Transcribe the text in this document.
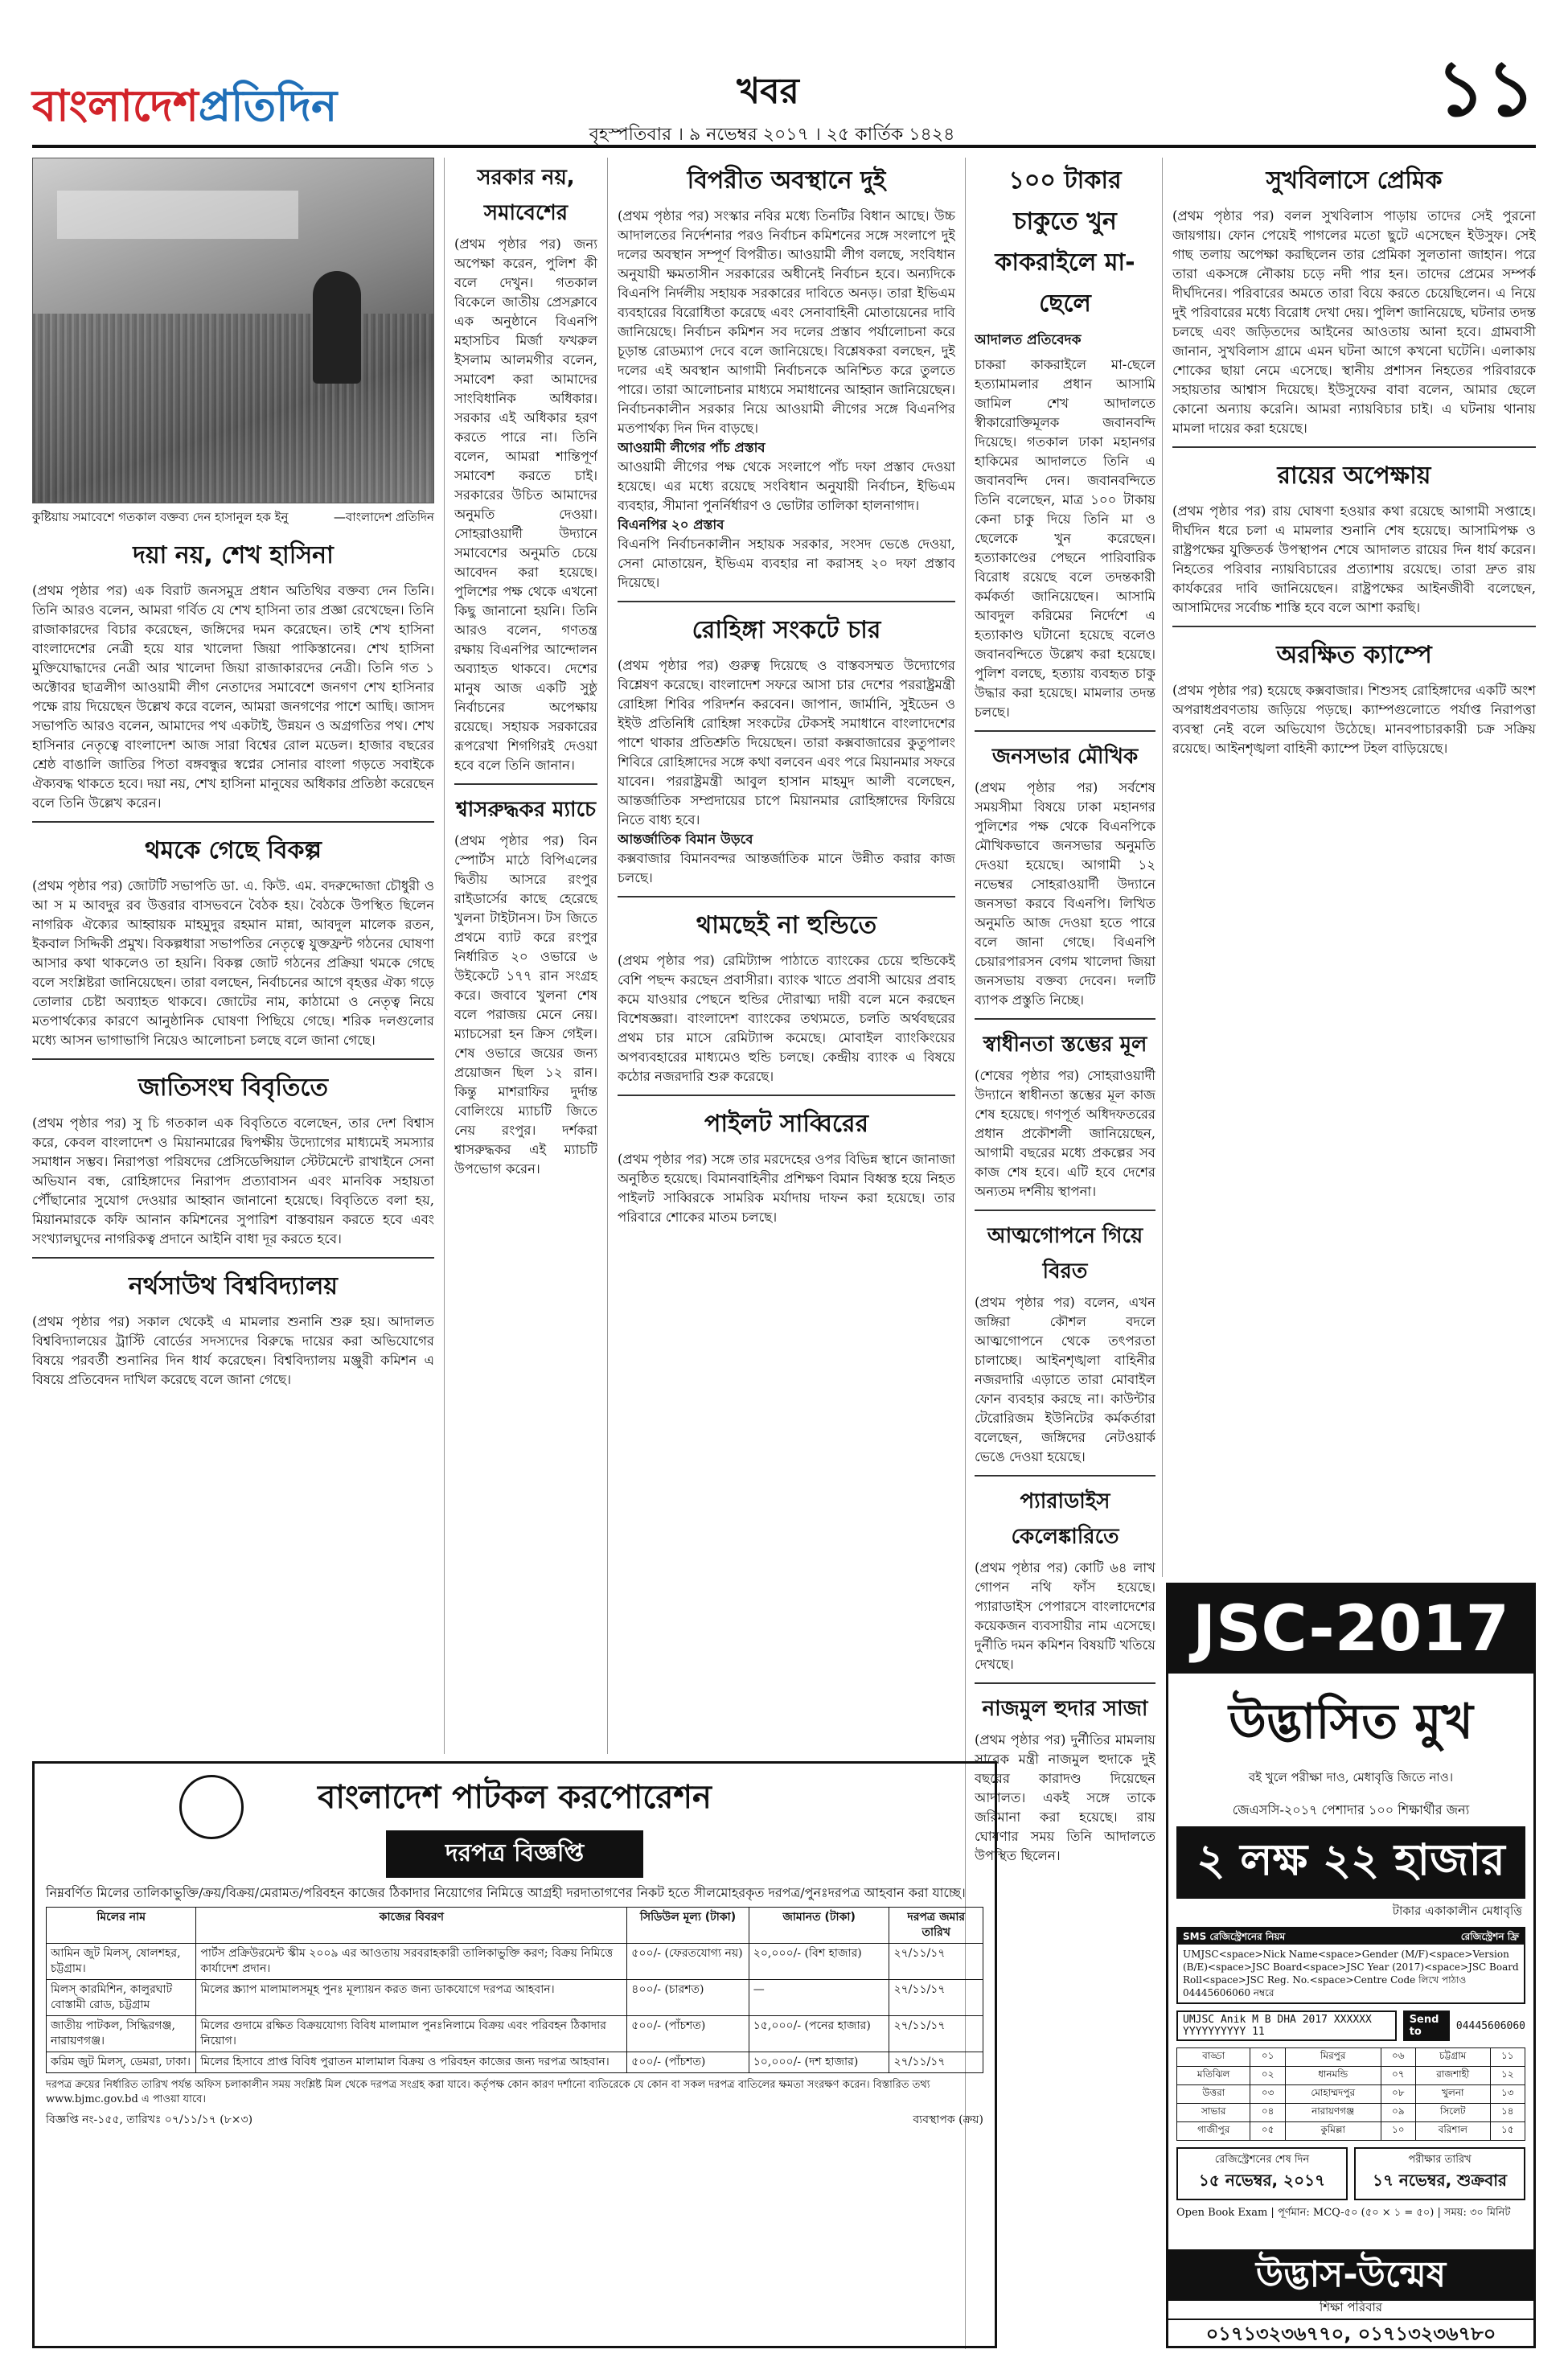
বাংলাদেশপ্রতিদিন	খবর
বৃহস্পতিবার । ৯ নভেম্বর ২০১৭ । ২৫ কার্তিক ১৪২৪
১১
কুষ্টিয়ায় সমাবেশে গতকাল বক্তব্য দেন হাসানুল হক ইনু	—বাংলাদেশ প্রতিদিন
দয়া নয়, শেখ হাসিনা

(প্রথম পৃষ্ঠার পর) এক বিরাট জনসমুদ্র প্রধান অতিথির বক্তব্য দেন তিনি। তিনি আরও বলেন, আমরা গর্বিত যে শেখ হাসিনা তার প্রজ্ঞা রেখেছেন। তিনি রাজাকারদের বিচার করেছেন, জঙ্গিদের দমন করেছেন। তাই শেখ হাসিনা বাংলাদেশের নেত্রী হয়ে যার খালেদা জিয়া পাকিস্তানের। শেখ হাসিনা মুক্তিযোদ্ধাদের নেত্রী আর খালেদা জিয়া রাজাকারদের নেত্রী। তিনি গত ১ অক্টোবর ছাত্রলীগ আওয়ামী লীগ নেতাদের সমাবেশে জনগণ শেখ হাসিনার পক্ষে রায় দিয়েছেন উল্লেখ করে বলেন, আমরা জনগণের পাশে আছি। জাসদ সভাপতি আরও বলেন, আমাদের পথ একটাই, উন্নয়ন ও অগ্রগতির পথ। শেখ হাসিনার নেতৃত্বে বাংলাদেশ আজ সারা বিশ্বের রোল মডেল। হাজার বছরের শ্রেষ্ঠ বাঙালি জাতির পিতা বঙ্গবন্ধুর স্বপ্নের সোনার বাংলা গড়তে সবাইকে ঐক্যবদ্ধ থাকতে হবে। দয়া নয়, শেখ হাসিনা মানুষের অধিকার প্রতিষ্ঠা করেছেন বলে তিনি উল্লেখ করেন।

থমকে গেছে বিকল্প

(প্রথম পৃষ্ঠার পর) জোটটি সভাপতি ডা. এ. কিউ. এম. বদরুদ্দোজা চৌধুরী ও আ স ম আবদুর রব উত্তরার বাসভবনে বৈঠক হয়। বৈঠকে উপস্থিত ছিলেন নাগরিক ঐক্যের আহ্বায়ক মাহমুদুর রহমান মান্না, আবদুল মালেক রতন, ইকবাল সিদ্দিকী প্রমুখ। বিকল্পধারা সভাপতির নেতৃত্বে যুক্তফ্রন্ট গঠনের ঘোষণা আসার কথা থাকলেও তা হয়নি। বিকল্প জোট গঠনের প্রক্রিয়া থমকে গেছে বলে সংশ্লিষ্টরা জানিয়েছেন। তারা বলছেন, নির্বাচনের আগে বৃহত্তর ঐক্য গড়ে তোলার চেষ্টা অব্যাহত থাকবে। জোটের নাম, কাঠামো ও নেতৃত্ব নিয়ে মতপার্থক্যের কারণে আনুষ্ঠানিক ঘোষণা পিছিয়ে গেছে। শরিক দলগুলোর মধ্যে আসন ভাগাভাগি নিয়েও আলোচনা চলছে বলে জানা গেছে।

জাতিসংঘ বিবৃতিতে

(প্রথম পৃষ্ঠার পর) সু চি গতকাল এক বিবৃতিতে বলেছেন, তার দেশ বিশ্বাস করে, কেবল বাংলাদেশ ও মিয়ানমারের দ্বিপক্ষীয় উদ্যোগের মাধ্যমেই সমস্যার সমাধান সম্ভব। নিরাপত্তা পরিষদের প্রেসিডেন্সিয়াল স্টেটমেন্টে রাখাইনে সেনা অভিযান বন্ধ, রোহিঙ্গাদের নিরাপদ প্রত্যাবাসন এবং মানবিক সহায়তা পৌঁছানোর সুযোগ দেওয়ার আহ্বান জানানো হয়েছে। বিবৃতিতে বলা হয়, মিয়ানমারকে কফি আনান কমিশনের সুপারিশ বাস্তবায়ন করতে হবে এবং সংখ্যালঘুদের নাগরিকত্ব প্রদানে আইনি বাধা দূর করতে হবে।

নর্থসাউথ বিশ্ববিদ্যালয়

(প্রথম পৃষ্ঠার পর) সকাল থেকেই এ মামলার শুনানি শুরু হয়। আদালত বিশ্ববিদ্যালয়ের ট্রাস্টি বোর্ডের সদস্যদের বিরুদ্ধে দায়ের করা অভিযোগের বিষয়ে পরবর্তী শুনানির দিন ধার্য করেছেন। বিশ্ববিদ্যালয় মঞ্জুরী কমিশন এ বিষয়ে প্রতিবেদন দাখিল করেছে বলে জানা গেছে।

সরকার নয়, সমাবেশের

(প্রথম পৃষ্ঠার পর) জন্য অপেক্ষা করেন, পুলিশ কী বলে দেখুন। গতকাল বিকেলে জাতীয় প্রেসক্লাবে এক অনুষ্ঠানে বিএনপি মহাসচিব মির্জা ফখরুল ইসলাম আলমগীর বলেন, সমাবেশ করা আমাদের সাংবিধানিক অধিকার। সরকার এই অধিকার হরণ করতে পারে না। তিনি বলেন, আমরা শান্তিপূর্ণ সমাবেশ করতে চাই। সরকারের উচিত আমাদের অনুমতি দেওয়া। সোহরাওয়ার্দী উদ্যানে সমাবেশের অনুমতি চেয়ে আবেদন করা হয়েছে। পুলিশের পক্ষ থেকে এখনো কিছু জানানো হয়নি। তিনি আরও বলেন, গণতন্ত্র রক্ষায় বিএনপির আন্দোলন অব্যাহত থাকবে। দেশের মানুষ আজ একটি সুষ্ঠু নির্বাচনের অপেক্ষায় রয়েছে। সহায়ক সরকারের রূপরেখা শিগগিরই দেওয়া হবে বলে তিনি জানান।

শ্বাসরুদ্ধকর ম্যাচে

(প্রথম পৃষ্ঠার পর) বিন স্পোর্টস মাঠে বিপিএলের দ্বিতীয় আসরে রংপুর রাইডার্সের কাছে হেরেছে খুলনা টাইটানস। টস জিতে প্রথমে ব্যাট করে রংপুর নির্ধারিত ২০ ওভারে ৬ উইকেটে ১৭৭ রান সংগ্রহ করে। জবাবে খুলনা শেষ বলে পরাজয় মেনে নেয়। ম্যাচসেরা হন ক্রিস গেইল। শেষ ওভারে জয়ের জন্য প্রয়োজন ছিল ১২ রান। কিন্তু মাশরাফির দুর্দান্ত বোলিংয়ে ম্যাচটি জিতে নেয় রংপুর। দর্শকরা শ্বাসরুদ্ধকর এই ম্যাচটি উপভোগ করেন।

বিপরীত অবস্থানে দুই

(প্রথম পৃষ্ঠার পর) সংস্কার নবির মধ্যে তিনটির বিধান আছে। উচ্চ আদালতের নির্দেশনার পরও নির্বাচন কমিশনের সঙ্গে সংলাপে দুই দলের অবস্থান সম্পূর্ণ বিপরীত। আওয়ামী লীগ বলছে, সংবিধান অনুযায়ী ক্ষমতাসীন সরকারের অধীনেই নির্বাচন হবে। অন্যদিকে বিএনপি নির্দলীয় সহায়ক সরকারের দাবিতে অনড়। তারা ইভিএম ব্যবহারের বিরোধিতা করেছে এবং সেনাবাহিনী মোতায়েনের দাবি জানিয়েছে। নির্বাচন কমিশন সব দলের প্রস্তাব পর্যালোচনা করে চূড়ান্ত রোডম্যাপ দেবে বলে জানিয়েছে। বিশ্লেষকরা বলছেন, দুই দলের এই অবস্থান আগামী নির্বাচনকে অনিশ্চিত করে তুলতে পারে। তারা আলোচনার মাধ্যমে সমাধানের আহ্বান জানিয়েছেন। নির্বাচনকালীন সরকার নিয়ে আওয়ামী লীগের সঙ্গে বিএনপির মতপার্থক্য দিন দিন বাড়ছে।

আওয়ামী লীগের পাঁচ প্রস্তাব

আওয়ামী লীগের পক্ষ থেকে সংলাপে পাঁচ দফা প্রস্তাব দেওয়া হয়েছে। এর মধ্যে রয়েছে সংবিধান অনুযায়ী নির্বাচন, ইভিএম ব্যবহার, সীমানা পুনর্নির্ধারণ ও ভোটার তালিকা হালনাগাদ।

বিএনপির ২০ প্রস্তাব

বিএনপি নির্বাচনকালীন সহায়ক সরকার, সংসদ ভেঙে দেওয়া, সেনা মোতায়েন, ইভিএম ব্যবহার না করাসহ ২০ দফা প্রস্তাব দিয়েছে।

রোহিঙ্গা সংকটে চার

(প্রথম পৃষ্ঠার পর) গুরুত্ব দিয়েছে ও বাস্তবসম্মত উদ্যোগের বিশ্লেষণ করেছে। বাংলাদেশ সফরে আসা চার দেশের পররাষ্ট্রমন্ত্রী রোহিঙ্গা শিবির পরিদর্শন করবেন। জাপান, জার্মানি, সুইডেন ও ইইউ প্রতিনিধি রোহিঙ্গা সংকটের টেকসই সমাধানে বাংলাদেশের পাশে থাকার প্রতিশ্রুতি দিয়েছেন। তারা কক্সবাজারের কুতুপালং শিবিরে রোহিঙ্গাদের সঙ্গে কথা বলবেন এবং পরে মিয়ানমার সফরে যাবেন। পররাষ্ট্রমন্ত্রী আবুল হাসান মাহমুদ আলী বলেছেন, আন্তর্জাতিক সম্প্রদায়ের চাপে মিয়ানমার রোহিঙ্গাদের ফিরিয়ে নিতে বাধ্য হবে।

আন্তর্জাতিক বিমান উড়বে

কক্সবাজার বিমানবন্দর আন্তর্জাতিক মানে উন্নীত করার কাজ চলছে।

থামছেই না হুন্ডিতে

(প্রথম পৃষ্ঠার পর) রেমিট্যান্স পাঠাতে ব্যাংকের চেয়ে হুন্ডিকেই বেশি পছন্দ করছেন প্রবাসীরা। ব্যাংক খাতে প্রবাসী আয়ের প্রবাহ কমে যাওয়ার পেছনে হুন্ডির দৌরাত্ম্য দায়ী বলে মনে করছেন বিশেষজ্ঞরা। বাংলাদেশ ব্যাংকের তথ্যমতে, চলতি অর্থবছরের প্রথম চার মাসে রেমিট্যান্স কমেছে। মোবাইল ব্যাংকিংয়ের অপব্যবহারের মাধ্যমেও হুন্ডি চলছে। কেন্দ্রীয় ব্যাংক এ বিষয়ে কঠোর নজরদারি শুরু করেছে।

পাইলট সাব্বিরের

(প্রথম পৃষ্ঠার পর) সঙ্গে তার মরদেহের ওপর বিভিন্ন স্থানে জানাজা অনুষ্ঠিত হয়েছে। বিমানবাহিনীর প্রশিক্ষণ বিমান বিধ্বস্ত হয়ে নিহত পাইলট সাব্বিরকে সামরিক মর্যাদায় দাফন করা হয়েছে। তার পরিবারে শোকের মাতম চলছে।

১০০ টাকার চাকুতে খুন কাকরাইলে মা-ছেলে
আদালত প্রতিবেদক

চাকরা কাকরাইলে মা-ছেলে হত্যামামলার প্রধান আসামি জামিল শেখ আদালতে স্বীকারোক্তিমূলক জবানবন্দি দিয়েছে। গতকাল ঢাকা মহানগর হাকিমের আদালতে তিনি এ জবানবন্দি দেন। জবানবন্দিতে তিনি বলেছেন, মাত্র ১০০ টাকায় কেনা চাকু দিয়ে তিনি মা ও ছেলেকে খুন করেছেন। হত্যাকাণ্ডের পেছনে পারিবারিক বিরোধ রয়েছে বলে তদন্তকারী কর্মকর্তা জানিয়েছেন। আসামি আবদুল করিমের নির্দেশে এ হত্যাকাণ্ড ঘটানো হয়েছে বলেও জবানবন্দিতে উল্লেখ করা হয়েছে। পুলিশ বলছে, হত্যায় ব্যবহৃত চাকু উদ্ধার করা হয়েছে। মামলার তদন্ত চলছে।

জনসভার মৌখিক

(প্রথম পৃষ্ঠার পর) সর্বশেষ সময়সীমা বিষয়ে ঢাকা মহানগর পুলিশের পক্ষ থেকে বিএনপিকে মৌখিকভাবে জনসভার অনুমতি দেওয়া হয়েছে। আগামী ১২ নভেম্বর সোহরাওয়ার্দী উদ্যানে জনসভা করবে বিএনপি। লিখিত অনুমতি আজ দেওয়া হতে পারে বলে জানা গেছে। বিএনপি চেয়ারপারসন বেগম খালেদা জিয়া জনসভায় বক্তব্য দেবেন। দলটি ব্যাপক প্রস্তুতি নিচ্ছে।

স্বাধীনতা স্তম্ভের মূল

(শেষের পৃষ্ঠার পর) সোহরাওয়ার্দী উদ্যানে স্বাধীনতা স্তম্ভের মূল কাজ শেষ হয়েছে। গণপূর্ত অধিদফতরের প্রধান প্রকৌশলী জানিয়েছেন, আগামী বছরের মধ্যে প্রকল্পের সব কাজ শেষ হবে। এটি হবে দেশের অন্যতম দর্শনীয় স্থাপনা।

আত্মগোপনে গিয়ে বিরত

(প্রথম পৃষ্ঠার পর) বলেন, এখন জঙ্গিরা কৌশল বদলে আত্মগোপনে থেকে তৎপরতা চালাচ্ছে। আইনশৃঙ্খলা বাহিনীর নজরদারি এড়াতে তারা মোবাইল ফোন ব্যবহার করছে না। কাউন্টার টেরোরিজম ইউনিটের কর্মকর্তারা বলেছেন, জঙ্গিদের নেটওয়ার্ক ভেঙে দেওয়া হয়েছে।

প্যারাডাইস কেলেঙ্কারিতে

(প্রথম পৃষ্ঠার পর) কোটি ৬৪ লাখ গোপন নথি ফাঁস হয়েছে। প্যারাডাইস পেপারসে বাংলাদেশের কয়েকজন ব্যবসায়ীর নাম এসেছে। দুর্নীতি দমন কমিশন বিষয়টি খতিয়ে দেখছে।

নাজমুল হুদার সাজা

(প্রথম পৃষ্ঠার পর) দুর্নীতির মামলায় সাবেক মন্ত্রী নাজমুল হুদাকে দুই বছরের কারাদণ্ড দিয়েছেন আদালত। একই সঙ্গে তাকে জরিমানা করা হয়েছে। রায় ঘোষণার সময় তিনি আদালতে উপস্থিত ছিলেন।

সুখবিলাসে প্রেমিক

(প্রথম পৃষ্ঠার পর) বলল সুখবিলাস পাড়ায় তাদের সেই পুরনো জায়গায়। ফোন পেয়েই পাগলের মতো ছুটে এসেছেন ইউসুফ। সেই গাছ তলায় অপেক্ষা করছিলেন তার প্রেমিকা সুলতানা জাহান। পরে তারা একসঙ্গে নৌকায় চড়ে নদী পার হন। তাদের প্রেমের সম্পর্ক দীর্ঘদিনের। পরিবারের অমতে তারা বিয়ে করতে চেয়েছিলেন। এ নিয়ে দুই পরিবারের মধ্যে বিরোধ দেখা দেয়। পুলিশ জানিয়েছে, ঘটনার তদন্ত চলছে এবং জড়িতদের আইনের আওতায় আনা হবে। গ্রামবাসী জানান, সুখবিলাস গ্রামে এমন ঘটনা আগে কখনো ঘটেনি। এলাকায় শোকের ছায়া নেমে এসেছে। স্থানীয় প্রশাসন নিহতের পরিবারকে সহায়তার আশ্বাস দিয়েছে। ইউসুফের বাবা বলেন, আমার ছেলে কোনো অন্যায় করেনি। আমরা ন্যায়বিচার চাই। এ ঘটনায় থানায় মামলা দায়ের করা হয়েছে।

রায়ের অপেক্ষায়

(প্রথম পৃষ্ঠার পর) রায় ঘোষণা হওয়ার কথা রয়েছে আগামী সপ্তাহে। দীর্ঘদিন ধরে চলা এ মামলার শুনানি শেষ হয়েছে। আসামিপক্ষ ও রাষ্ট্রপক্ষের যুক্তিতর্ক উপস্থাপন শেষে আদালত রায়ের দিন ধার্য করেন। নিহতের পরিবার ন্যায়বিচারের প্রত্যাশায় রয়েছে। তারা দ্রুত রায় কার্যকরের দাবি জানিয়েছেন। রাষ্ট্রপক্ষের আইনজীবী বলেছেন, আসামিদের সর্বোচ্চ শাস্তি হবে বলে আশা করছি।

অরক্ষিত ক্যাম্পে

(প্রথম পৃষ্ঠার পর) হয়েছে কক্সবাজার। শিশুসহ রোহিঙ্গাদের একটি অংশ অপরাধপ্রবণতায় জড়িয়ে পড়ছে। ক্যাম্পগুলোতে পর্যাপ্ত নিরাপত্তা ব্যবস্থা নেই বলে অভিযোগ উঠেছে। মানবপাচারকারী চক্র সক্রিয় রয়েছে। আইনশৃঙ্খলা বাহিনী ক্যাম্পে টহল বাড়িয়েছে।

বাংলাদেশ পাটকল করপোরেশন
দরপত্র বিজ্ঞপ্তি

নিম্নবর্ণিত মিলের তালিকাভুক্তি/ক্রয়/বিক্রয়/মেরামত/পরিবহন কাজের ঠিকাদার নিয়োগের নিমিত্তে আগ্রহী দরদাতাগণের নিকট হতে সীলমোহরকৃত দরপত্র/পুনঃদরপত্র আহবান করা যাচ্ছে।

মিলের নাম	কাজের বিবরণ	সিডিউল মূল্য (টাকা)	জামানত (টাকা)	দরপত্র জমার তারিখ
আমিন জুট মিলস্, ষোলশহর, চট্টগ্রাম।	পার্টস প্রক্রিউরমেন্ট স্কীম ২০০৯ এর আওতায় সরবরাহকারী তালিকাভুক্তি করণ; বিক্রয় নিমিত্তে কার্যাদেশ প্রদান।	৫০০/- (ফেরতযোগ্য নয়)	২০,০০০/- (বিশ হাজার)	২৭/১১/১৭
মিলস্ কারমিশিন, কালুরঘাট বোস্তামী রোড, চট্টগ্রাম	মিলের স্ক্র্যাপ মালামালসমূহ পুনঃ মূল্যায়ন করত জন্য ডাকযোগে দরপত্র আহবান।	৪০০/- (চারশত)	—	২৭/১১/১৭
জাতীয় পাটকল, সিদ্ধিরগঞ্জ, নারায়ণগঞ্জ।	মিলের গুদামে রক্ষিত বিক্রয়যোগ্য বিবিধ মালামাল পুনঃনিলামে বিক্রয় এবং পরিবহন ঠিকাদার নিয়োগ।	৫০০/- (পাঁচশত)	১৫,০০০/- (পনের হাজার)	২৭/১১/১৭
করিম জুট মিলস্, ডেমরা, ঢাকা।	মিলের হিসাবে প্রাপ্ত বিবিধ পুরাতন মালামাল বিক্রয় ও পরিবহন কাজের জন্য দরপত্র আহবান।	৫০০/- (পাঁচশত)	১০,০০০/- (দশ হাজার)	২৭/১১/১৭

দরপত্র ক্রয়ের নির্ধারিত তারিখ পর্যন্ত অফিস চলাকালীন সময় সংশ্লিষ্ট মিল থেকে দরপত্র সংগ্রহ করা যাবে। কর্তৃপক্ষ কোন কারণ দর্শানো ব্যতিরেকে যে কোন বা সকল দরপত্র বাতিলের ক্ষমতা সংরক্ষণ করেন। বিস্তারিত তথ্য www.bjmc.gov.bd এ পাওয়া যাবে।

বিজ্ঞপ্তি নং-১৫৫, তারিখঃ ০৭/১১/১৭ (৮×৩)	ব্যবস্থাপক (ক্রয়)
JSC-2017
উদ্ভাসিত মুখ
বই খুলে পরীক্ষা দাও, মেধাবৃত্তি জিতে নাও।
জেএসসি-২০১৭ পেশাদার ১০০ শিক্ষার্থীর জন্য
২ লক্ষ ২২ হাজার
টাকার একাকালীন মেধাবৃত্তি
SMS রেজিস্ট্রেশনের নিয়ম	রেজিস্ট্রেশন ফ্রি
UMJSC<space>Nick Name<space>Gender (M/F)<space>Version (B/E)<space>JSC Board<space>JSC Year (2017)<space>JSC Board Roll<space>JSC Reg. No.<space>Centre Code লিখে পাঠাও 04445606060 নম্বরে
UMJSC Anik M B DHA 2017 XXXXXX YYYYYYYYYY 11
Send to	04445606060
বাড্ডা	০১	মিরপুর	০৬	চট্টগ্রাম	১১
মতিঝিল	০২	ধানমন্ডি	০৭	রাজশাহী	১২
উত্তরা	০৩	মোহাম্মদপুর	০৮	খুলনা	১৩
সাভার	০৪	নারায়ণগঞ্জ	০৯	সিলেট	১৪
গাজীপুর	০৫	কুমিল্লা	১০	বরিশাল	১৫
রেজিস্ট্রেশনের শেষ দিন
১৫ নভেম্বর, ২০১৭
পরীক্ষার তারিখ
১৭ নভেম্বর, শুক্রবার
Open Book Exam | পূর্ণমান: MCQ-৫০ (৫০ × ১ = ৫০) | সময়: ৩০ মিনিট
উদ্ভাস-উন্মেষ
শিক্ষা পরিবার
০১৭১৩২৩৬৭৭০, ০১৭১৩২৩৬৭৮০
